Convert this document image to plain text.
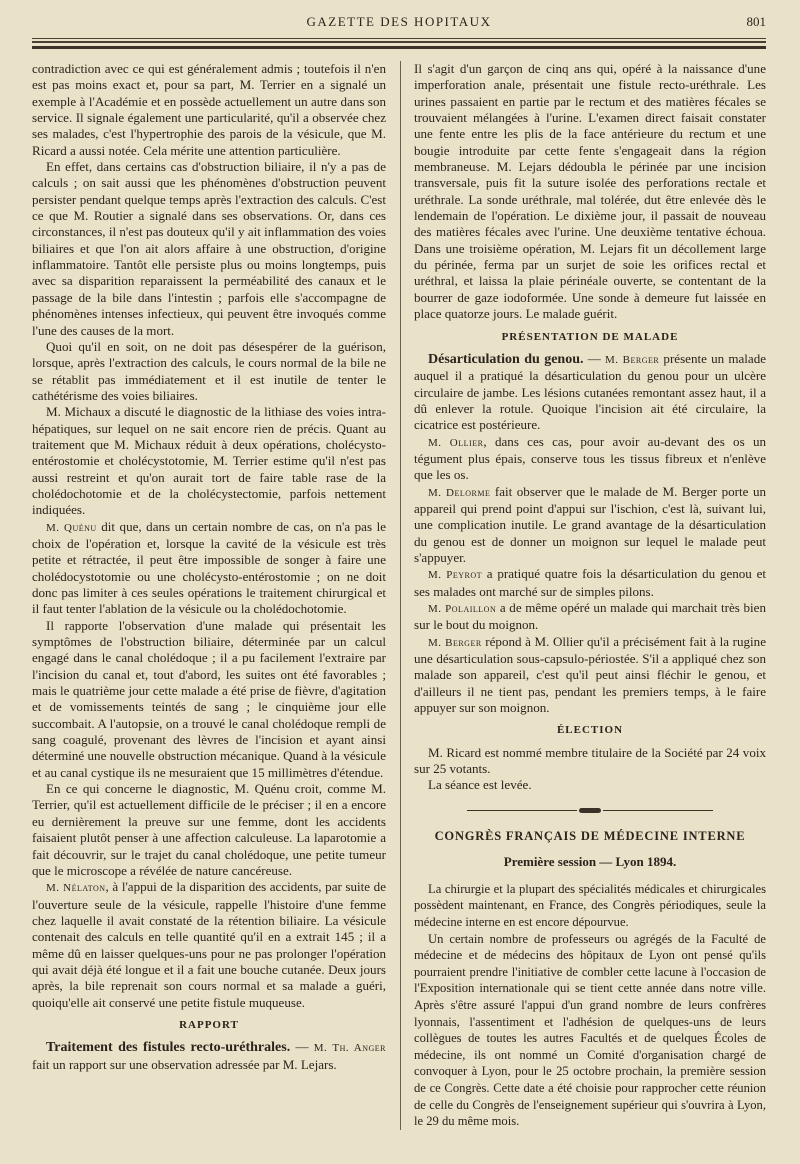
GAZETTE DES HOPITAUX	801

contradiction avec ce qui est généralement admis ; toutefois il n'en est pas moins exact et, pour sa part, M. Terrier en a signalé un exemple à l'Académie et en possède actuellement un autre dans son service. Il signale également une particularité, qu'il a observée chez ses malades, c'est l'hypertrophie des parois de la vésicule, que M. Ricard a aussi notée. Cela mérite une attention particulière.

En effet, dans certains cas d'obstruction biliaire, il n'y a pas de calculs ; on sait aussi que les phénomènes d'obstruction peuvent persister pendant quelque temps après l'extraction des calculs. C'est ce que M. Routier a signalé dans ses observations. Or, dans ces circonstances, il n'est pas douteux qu'il y ait inflammation des voies biliaires et que l'on ait alors affaire à une obstruction, d'origine inflammatoire. Tantôt elle persiste plus ou moins longtemps, puis avec sa disparition reparaissent la perméabilité des canaux et le passage de la bile dans l'intestin ; parfois elle s'accompagne de phénomènes intenses infectieux, qui peuvent être invoqués comme l'une des causes de la mort.

Quoi qu'il en soit, on ne doit pas désespérer de la guérison, lorsque, après l'extraction des calculs, le cours normal de la bile ne se rétablit pas immédiatement et il est inutile de tenter le cathétérisme des voies biliaires.

M. Michaux a discuté le diagnostic de la lithiase des voies intra-hépatiques, sur lequel on ne sait encore rien de précis. Quant au traitement que M. Michaux réduit à deux opérations, cholécysto-entérostomie et cholécystotomie, M. Terrier estime qu'il n'est pas aussi restreint et qu'on aurait tort de faire table rase de la cholédochotomie et de la cholécystectomie, parfois nettement indiquées.

M. Quénu dit que, dans un certain nombre de cas, on n'a pas le choix de l'opération et, lorsque la cavité de la vésicule est très petite et rétractée, il peut être impossible de songer à faire une cholédocystotomie ou une cholécysto-entérostomie ; on ne doit donc pas limiter à ces seules opérations le traitement chirurgical et il faut tenter l'ablation de la vésicule ou la cholédochotomie.

Il rapporte l'observation d'une malade qui présentait les symptômes de l'obstruction biliaire, déterminée par un calcul engagé dans le canal cholédoque ; il a pu facilement l'extraire par l'incision du canal et, tout d'abord, les suites ont été favorables ; mais le quatrième jour cette malade a été prise de fièvre, d'agitation et de vomissements teintés de sang ; le cinquième jour elle succombait. A l'autopsie, on a trouvé le canal cholédoque rempli de sang coagulé, provenant des lèvres de l'incision et ayant ainsi déterminé une nouvelle obstruction mécanique. Quand à la vésicule et au canal cystique ils ne mesuraient que 15 millimètres d'étendue.

En ce qui concerne le diagnostic, M. Quénu croit, comme M. Terrier, qu'il est actuellement difficile de le préciser ; il en a encore eu dernièrement la preuve sur une femme, dont les accidents faisaient plutôt penser à une affection calculeuse. La laparotomie a fait découvrir, sur le trajet du canal cholédoque, une petite tumeur que le microscope a révélée de nature cancéreuse.

M. Nélaton, à l'appui de la disparition des accidents, par suite de l'ouverture seule de la vésicule, rappelle l'histoire d'une femme chez laquelle il avait constaté de la rétention biliaire. La vésicule contenait des calculs en telle quantité qu'il en a extrait 145 ; il a même dû en laisser quelques-uns pour ne pas prolonger l'opération qui avait déjà été longue et il a fait une bouche cutanée. Deux jours après, la bile reprenait son cours normal et sa malade a guéri, quoiqu'elle ait conservé une petite fistule muqueuse.

RAPPORT

Traitement des fistules recto-uréthrales. — M. Th. Anger fait un rapport sur une observation adressée par M. Lejars.

Il s'agit d'un garçon de cinq ans qui, opéré à la naissance d'une imperforation anale, présentait une fistule recto-uréthrale. Les urines passaient en partie par le rectum et des matières fécales se trouvaient mélangées à l'urine. L'examen direct faisait constater une fente entre les plis de la face antérieure du rectum et une bougie introduite par cette fente s'engageait dans la région membraneuse. M. Lejars dédoubla le périnée par une incision transversale, puis fit la suture isolée des perforations rectale et uréthrale. La sonde uréthrale, mal tolérée, dut être enlevée dès le lendemain de l'opération. Le dixième jour, il passait de nouveau des matières fécales avec l'urine. Une deuxième tentative échoua. Dans une troisième opération, M. Lejars fit un décollement large du périnée, ferma par un surjet de soie les orifices rectal et uréthral, et laissa la plaie périnéale ouverte, se contentant de la bourrer de gaze iodoformée. Une sonde à demeure fut laissée en place quatorze jours. Le malade guérit.

PRÉSENTATION DE MALADE

Désarticulation du genou. — M. Berger présente un malade auquel il a pratiqué la désarticulation du genou pour un ulcère circulaire de jambe. Les lésions cutanées remontant assez haut, il a dû enlever la rotule. Quoique l'incision ait été circulaire, la cicatrice est postérieure.

M. Ollier, dans ces cas, pour avoir au-devant des os un tégument plus épais, conserve tous les tissus fibreux et n'enlève que les os.

M. Delorme fait observer que le malade de M. Berger porte un appareil qui prend point d'appui sur l'ischion, c'est là, suivant lui, une complication inutile. Le grand avantage de la désarticulation du genou est de donner un moignon sur lequel le malade peut s'appuyer.

M. Peyrot a pratiqué quatre fois la désarticulation du genou et ses malades ont marché sur de simples pilons.

M. Polaillon a de même opéré un malade qui marchait très bien sur le bout du moignon.

M. Berger répond à M. Ollier qu'il a précisément fait à la rugine une désarticulation sous-capsulo-périostée. S'il a appliqué chez son malade son appareil, c'est qu'il peut ainsi fléchir le genou, et d'ailleurs il ne tient pas, pendant les premiers temps, à le faire appuyer sur son moignon.

ÉLECTION

M. Ricard est nommé membre titulaire de la Société par 24 voix sur 25 votants.

La séance est levée.

CONGRÈS FRANÇAIS DE MÉDECINE INTERNE
Première session — Lyon 1894.

La chirurgie et la plupart des spécialités médicales et chirurgicales possèdent maintenant, en France, des Congrès périodiques, seule la médecine interne en est encore dépourvue.

Un certain nombre de professeurs ou agrégés de la Faculté de médecine et de médecins des hôpitaux de Lyon ont pensé qu'ils pourraient prendre l'initiative de combler cette lacune à l'occasion de l'Exposition internationale qui se tient cette année dans notre ville. Après s'être assuré l'appui d'un grand nombre de leurs confrères lyonnais, l'assentiment et l'adhésion de quelques-uns de leurs collègues de toutes les autres Facultés et de quelques Écoles de médecine, ils ont nommé un Comité d'organisation chargé de convoquer à Lyon, pour le 25 octobre prochain, la première session de ce Congrès. Cette date a été choisie pour rapprocher cette réunion de celle du Congrès de l'enseignement supérieur qui s'ouvrira à Lyon, le 29 du même mois.
